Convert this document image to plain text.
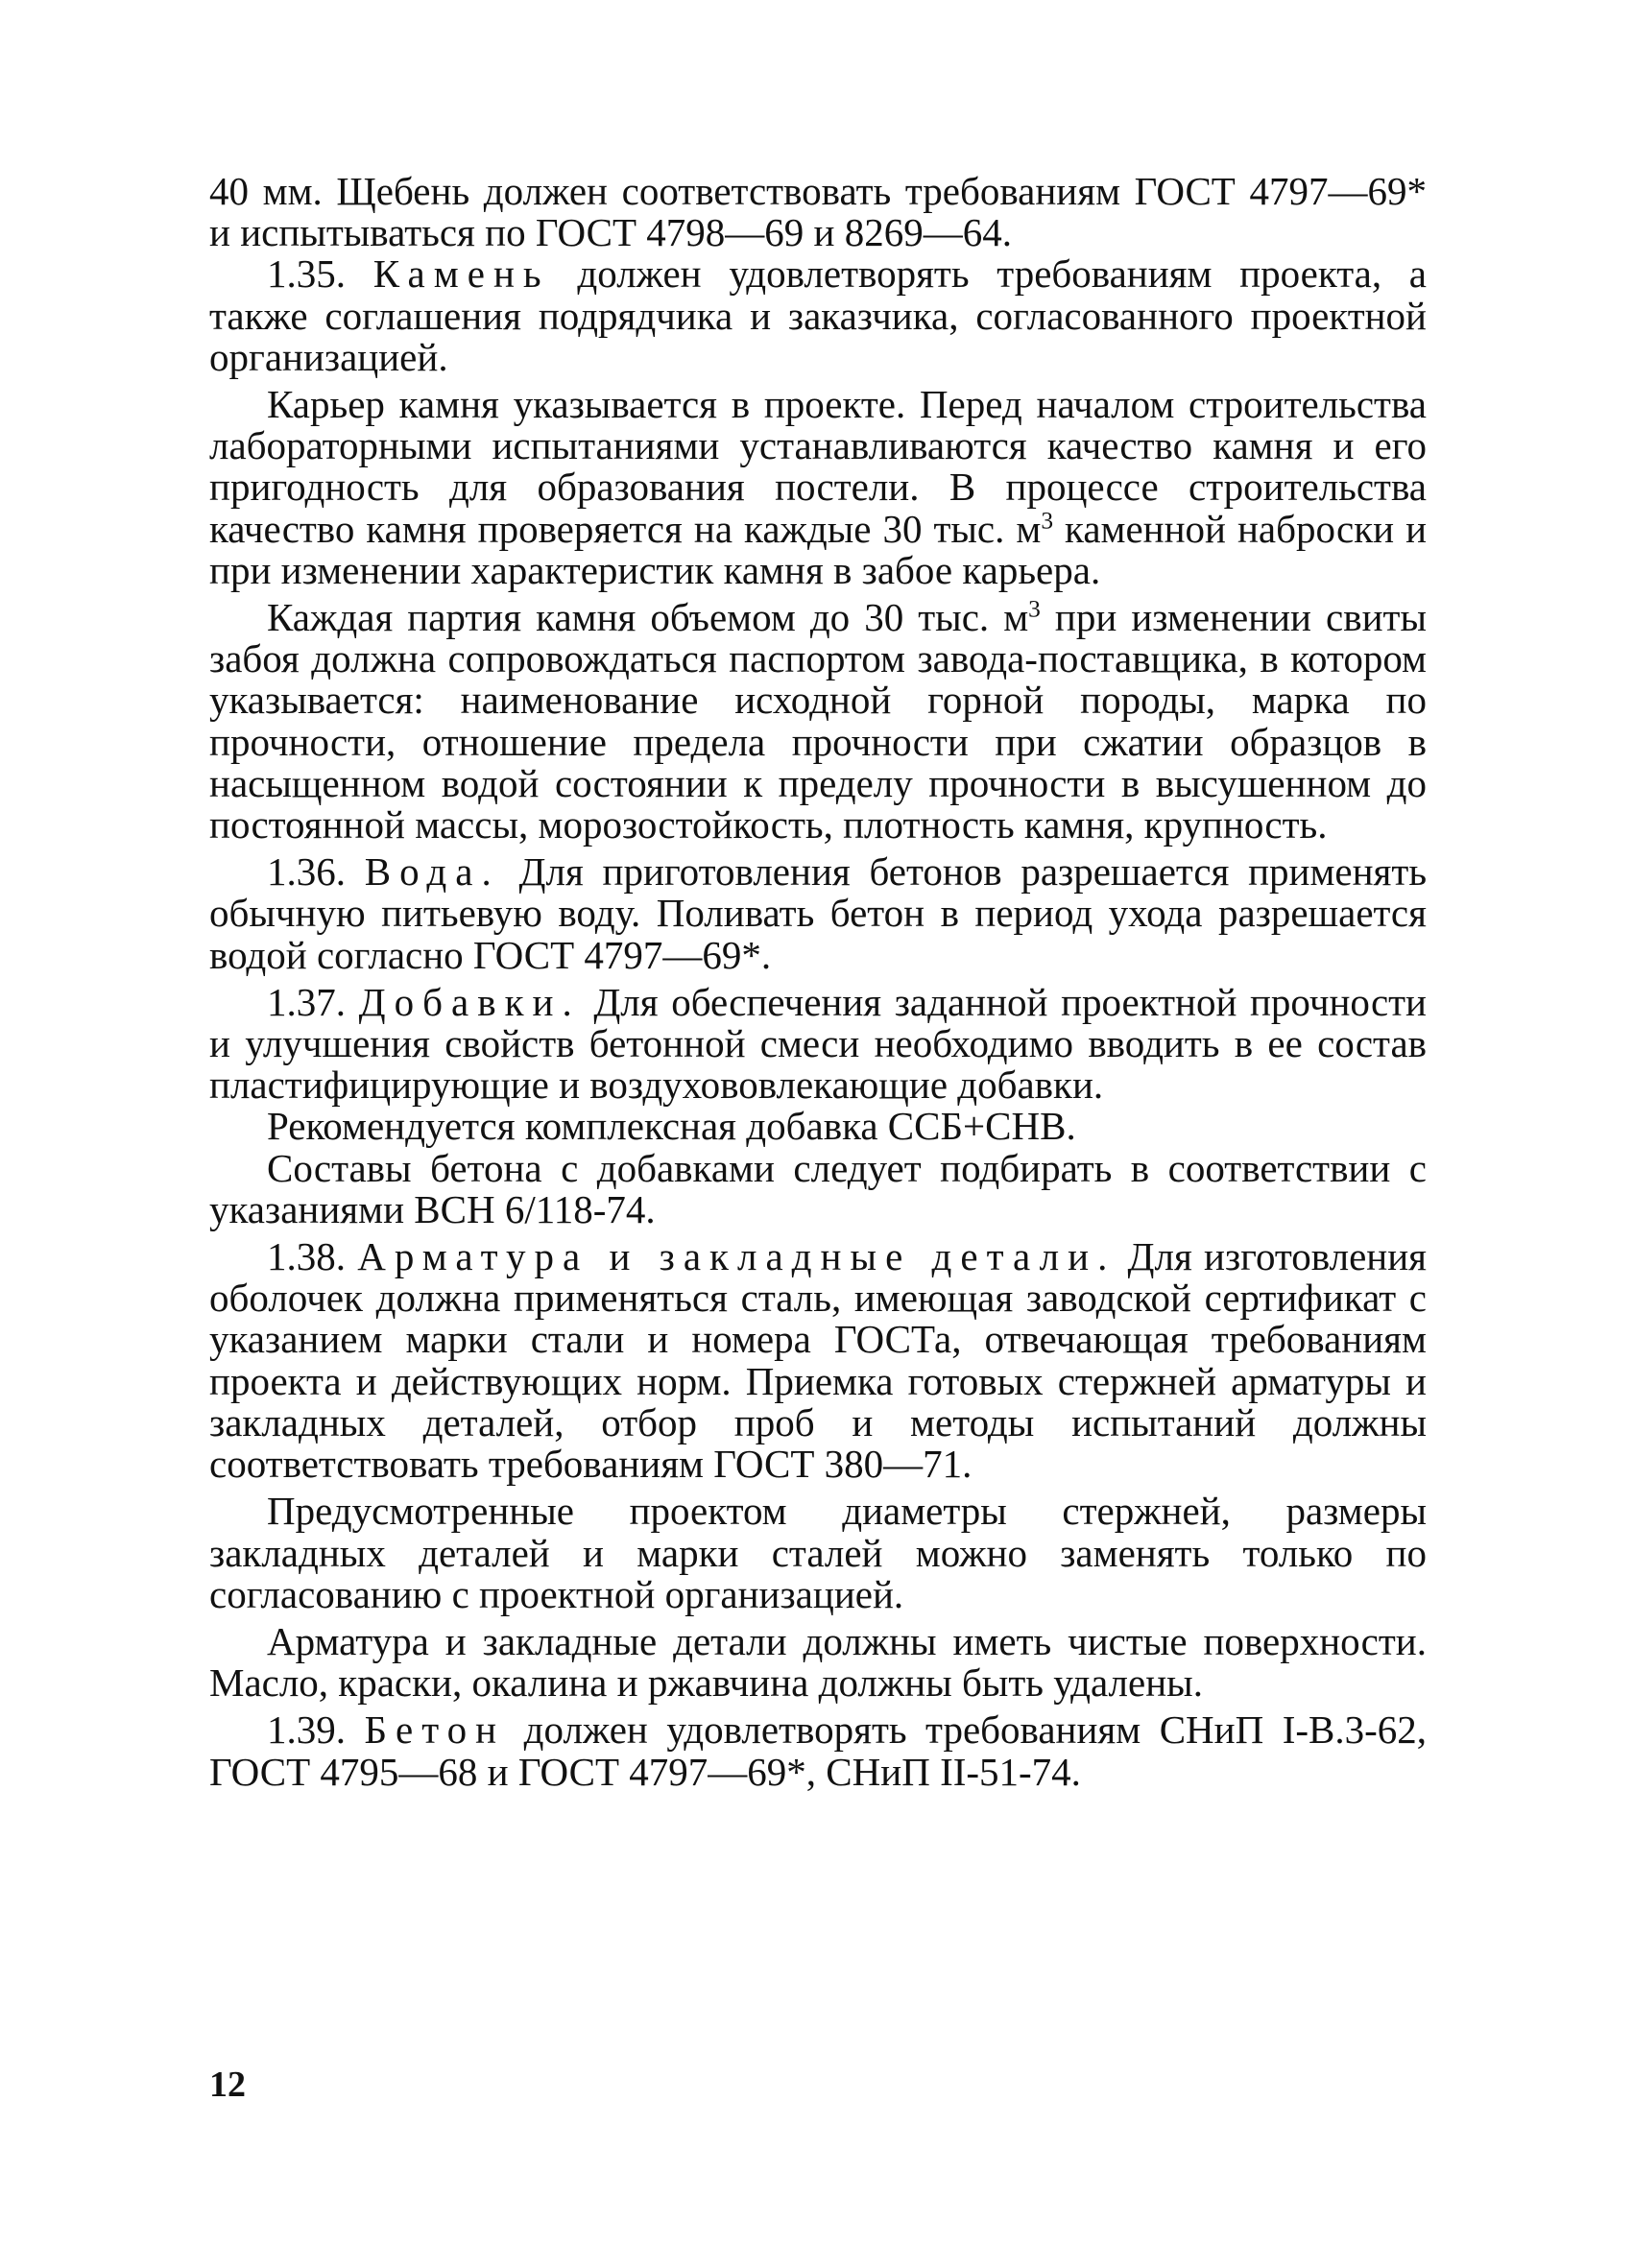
40 мм. Щебень должен соответствовать требованиям ГОСТ 4797—69* и испытываться по ГОСТ 4798—69 и 8269—64.

1.35. Камень должен удовлетворять требованиям проекта, а также соглашения подрядчика и заказчика, согласованного проектной организацией.

Карьер камня указывается в проекте. Перед началом строительства лабораторными испытаниями устанавливаются качество камня и его пригодность для образования постели. В процессе строительства качество камня проверяется на каждые 30 тыс. $м^3$ каменной наброски и при изменении характеристик камня в забое карьера.

Каждая партия камня объемом до 30 тыс. $м^3$ при изменении свиты забоя должна сопровождаться паспортом завода-поставщика, в котором указывается: наименование исходной горной породы, марка по прочности, отношение предела прочности при сжатии образцов в насыщенном водой состоянии к пределу прочности в высушенном до постоянной массы, морозостойкость, плотность камня, крупность.

1.36. Вода. Для приготовления бетонов разрешается применять обычную питьевую воду. Поливать бетон в период ухода разрешается водой согласно ГОСТ 4797—69*.

1.37. Добавки. Для обеспечения заданной проектной прочности и улучшения свойств бетонной смеси необходимо вводить в ее состав пластифицирующие и воздухововлекающие добавки.

Рекомендуется комплексная добавка ССБ+СНВ.

Составы бетона с добавками следует подбирать в соответствии с указаниями ВСН 6/118-74.

1.38. Арматура и закладные детали. Для изготовления оболочек должна применяться сталь, имеющая заводской сертификат с указанием марки стали и номера ГОСТа, отвечающая требованиям проекта и действующих норм. Приемка готовых стержней арматуры и закладных деталей, отбор проб и методы испытаний должны соответствовать требованиям ГОСТ 380—71.

Предусмотренные проектом диаметры стержней, размеры закладных деталей и марки сталей можно заменять только по согласованию с проектной организацией.

Арматура и закладные детали должны иметь чистые поверхности. Масло, краски, окалина и ржавчина должны быть удалены.

1.39. Бетон должен удовлетворять требованиям СНиП I-В.3-62, ГОСТ 4795—68 и ГОСТ 4797—69*, СНиП II-51-74.

12
